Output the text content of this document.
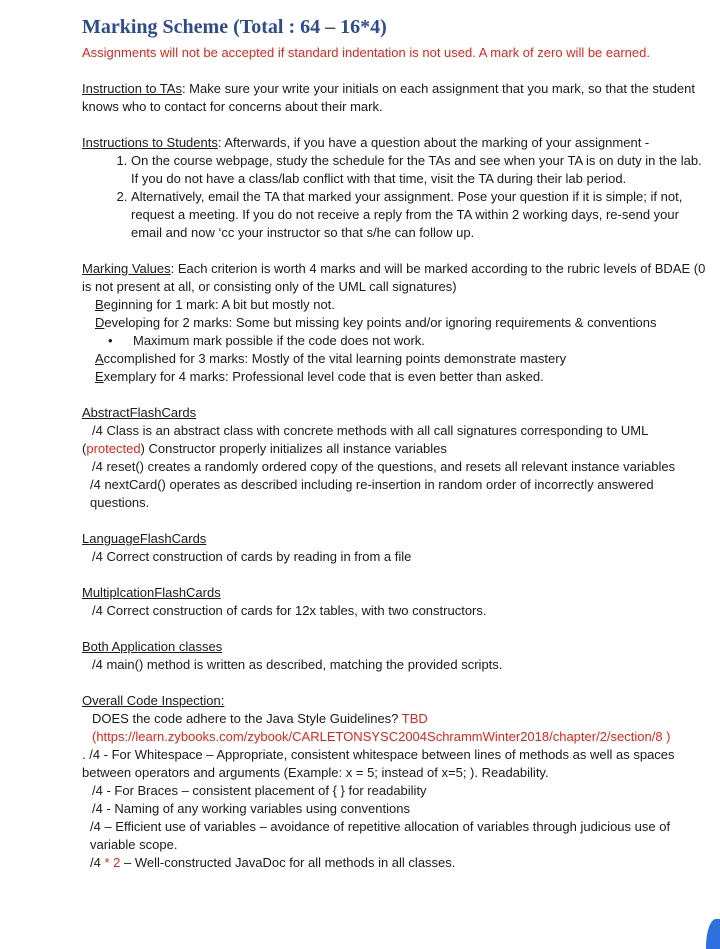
Marking Scheme (Total : 64 – 16*4)

Assignments will not be accepted if standard indentation is not used. A mark of zero will be earned.

Instruction to TAs: Make sure your write your initials on each assignment that you mark, so that the student knows who to contact for concerns about their mark.

Instructions to Students: Afterwards, if you have a question about the marking of your assignment -

1. On the course webpage, study the schedule for the TAs and see when your TA is on duty in the lab. If you do not have a class/lab conflict with that time, visit the TA during their lab period.
2. Alternatively, email the TA that marked your assignment. Pose your question if it is simple; if not, request a meeting. If you do not receive a reply from the TA within 2 working days, re-send your email and now ‘cc your instructor so that s/he can follow up.

Marking Values: Each criterion is worth 4 marks and will be marked according to the rubric levels of BDAE (0 is not present at all, or consisting only of the UML call signatures)

Beginning for 1 mark: A bit but mostly not.

Developing for 2 marks: Some but missing key points and/or ignoring requirements & conventions

• Maximum mark possible if the code does not work.

Accomplished for 3 marks: Mostly of the vital learning points demonstrate mastery

Exemplary for 4 marks: Professional level code that is even better than asked.

AbstractFlashCards

/4 Class is an abstract class with concrete methods with all call signatures corresponding to UML

(protected) Constructor properly initializes all instance variables

/4 reset() creates a randomly ordered copy of the questions, and resets all relevant instance variables

/4 nextCard() operates as described including re-insertion in random order of incorrectly answered questions.

LanguageFlashCards

/4 Correct construction of cards by reading in from a file

MultiplcationFlashCards

/4 Correct construction of cards for 12x tables, with two constructors.

Both Application classes

/4 main() method is written as described, matching the provided scripts.

Overall Code Inspection:

DOES the code adhere to the Java Style Guidelines? TBD

(https://learn.zybooks.com/zybook/CARLETONSYSC2004SchrammWinter2018/chapter/2/section/8 )

. /4 - For Whitespace – Appropriate, consistent whitespace between lines of methods as well as spaces between operators and arguments (Example: x = 5; instead of x=5; ). Readability.

/4 - For Braces – consistent placement of { } for readability

/4 - Naming of any working variables using conventions

/4 – Efficient use of variables – avoidance of repetitive allocation of variables through judicious use of variable scope.

/4 * 2 – Well-constructed JavaDoc for all methods in all classes.
